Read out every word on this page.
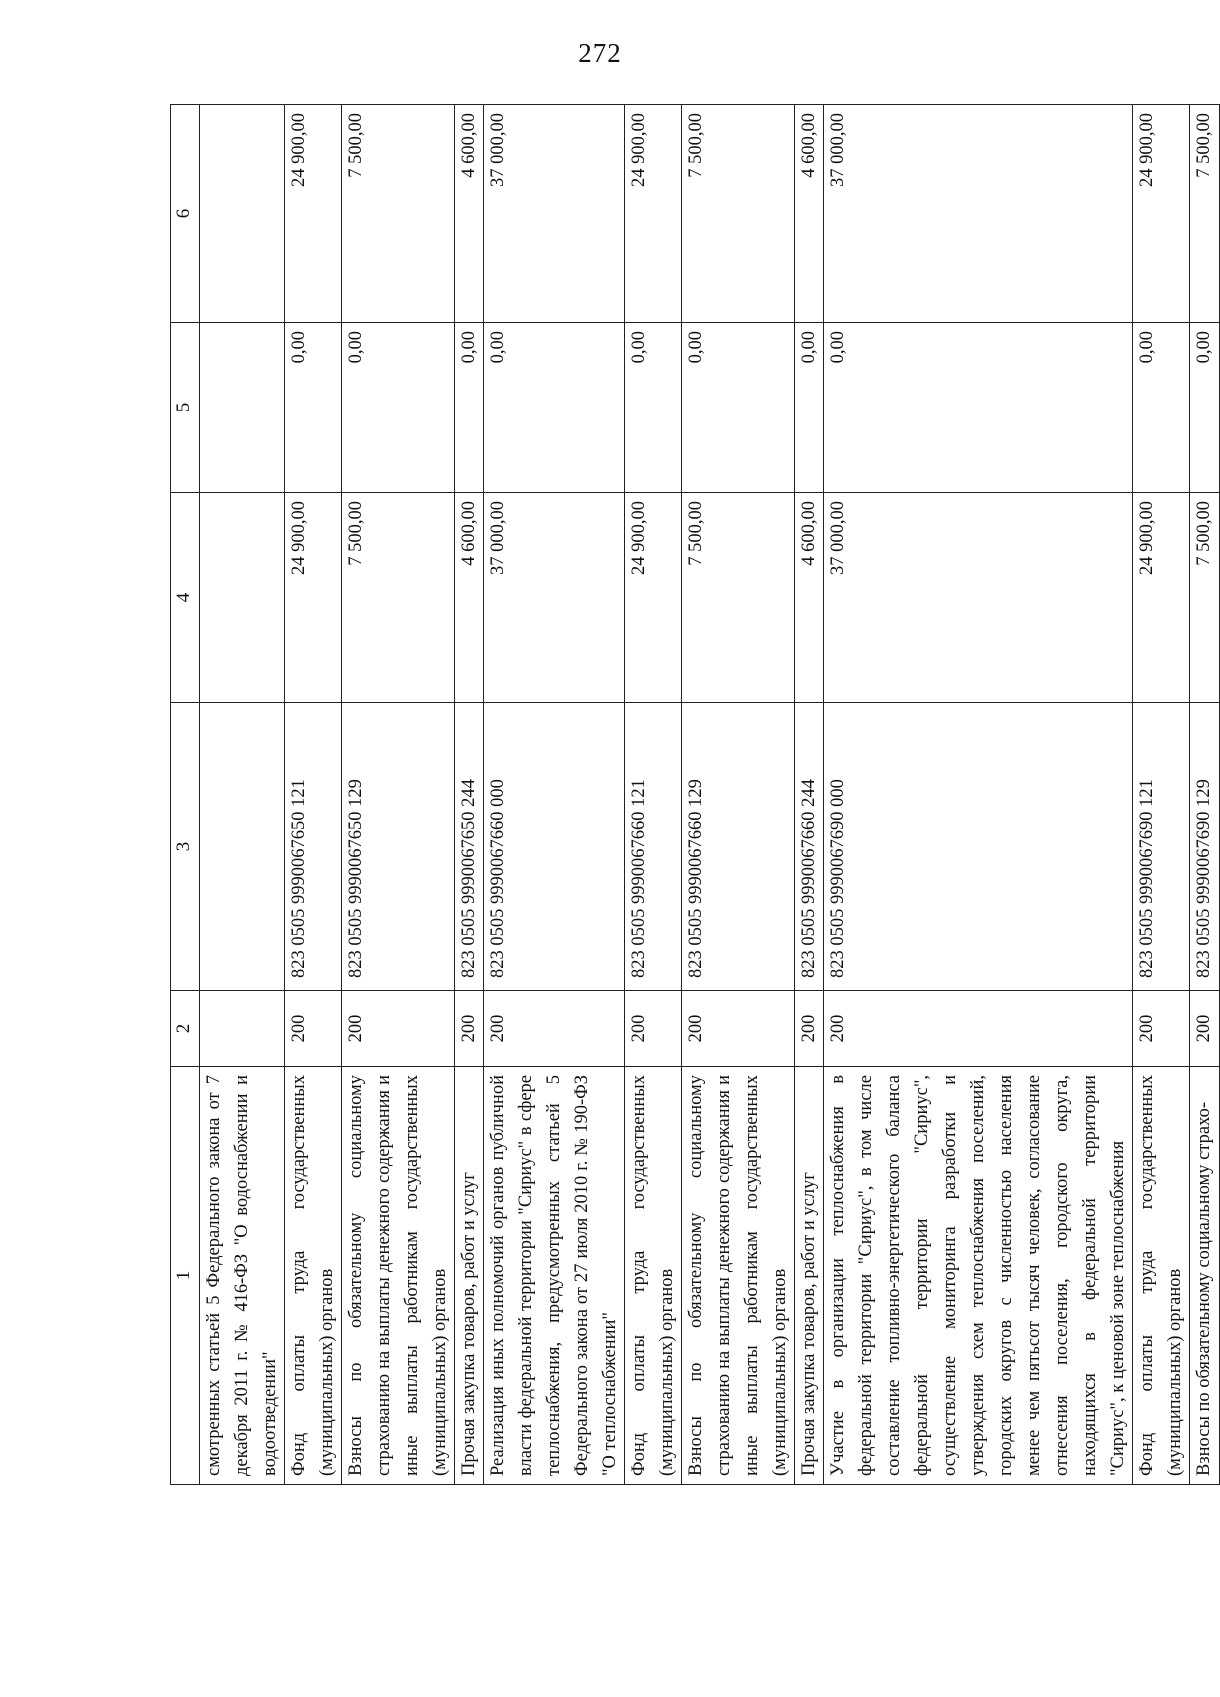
272
1	2	3	4	5	6
смотренных статьей 5 Федерального закона от 7 декабря 2011 г. № 416-ФЗ "О водоснабжении и водоотведении"					
Фонд оплаты труда государственных (муниципальных) органов	200	823 0505 9990067650 121	24 900,00	0,00	24 900,00
Взносы по обязательному социальному страхованию на выплаты денежного содержания и иные выплаты работникам государственных (муниципальных) органов	200	823 0505 9990067650 129	7 500,00	0,00	7 500,00
Прочая закупка товаров, работ и услуг	200	823 0505 9990067650 244	4 600,00	0,00	4 600,00
Реализация иных полномочий органов публичной власти федеральной территории "Сириус" в сфере теплоснабжения, предусмотренных статьей 5 Федерального закона от 27 июля 2010 г. № 190-ФЗ "О теплоснабжении"	200	823 0505 9990067660 000	37 000,00	0,00	37 000,00
Фонд оплаты труда государственных (муниципальных) органов	200	823 0505 9990067660 121	24 900,00	0,00	24 900,00
Взносы по обязательному социальному страхованию на выплаты денежного содержания и иные выплаты работникам государственных (муниципальных) органов	200	823 0505 9990067660 129	7 500,00	0,00	7 500,00
Прочая закупка товаров, работ и услуг	200	823 0505 9990067660 244	4 600,00	0,00	4 600,00
Участие в организации теплоснабжения в федеральной территории "Сириус", в том числе составление топливно-энергетического баланса федеральной территории "Сириус", осуществление мониторинга разработки и утверждения схем теплоснабжения поселений, городских округов с численностью населения менее чем пятьсот тысяч человек, согласование отнесения поселения, городского округа, находящихся в федеральной территории "Сириус", к ценовой зоне теплоснабжения	200	823 0505 9990067690 000	37 000,00	0,00	37 000,00
Фонд оплаты труда государственных (муниципальных) органов	200	823 0505 9990067690 121	24 900,00	0,00	24 900,00
Взносы по обязательному социальному страхо-	200	823 0505 9990067690 129	7 500,00	0,00	7 500,00
